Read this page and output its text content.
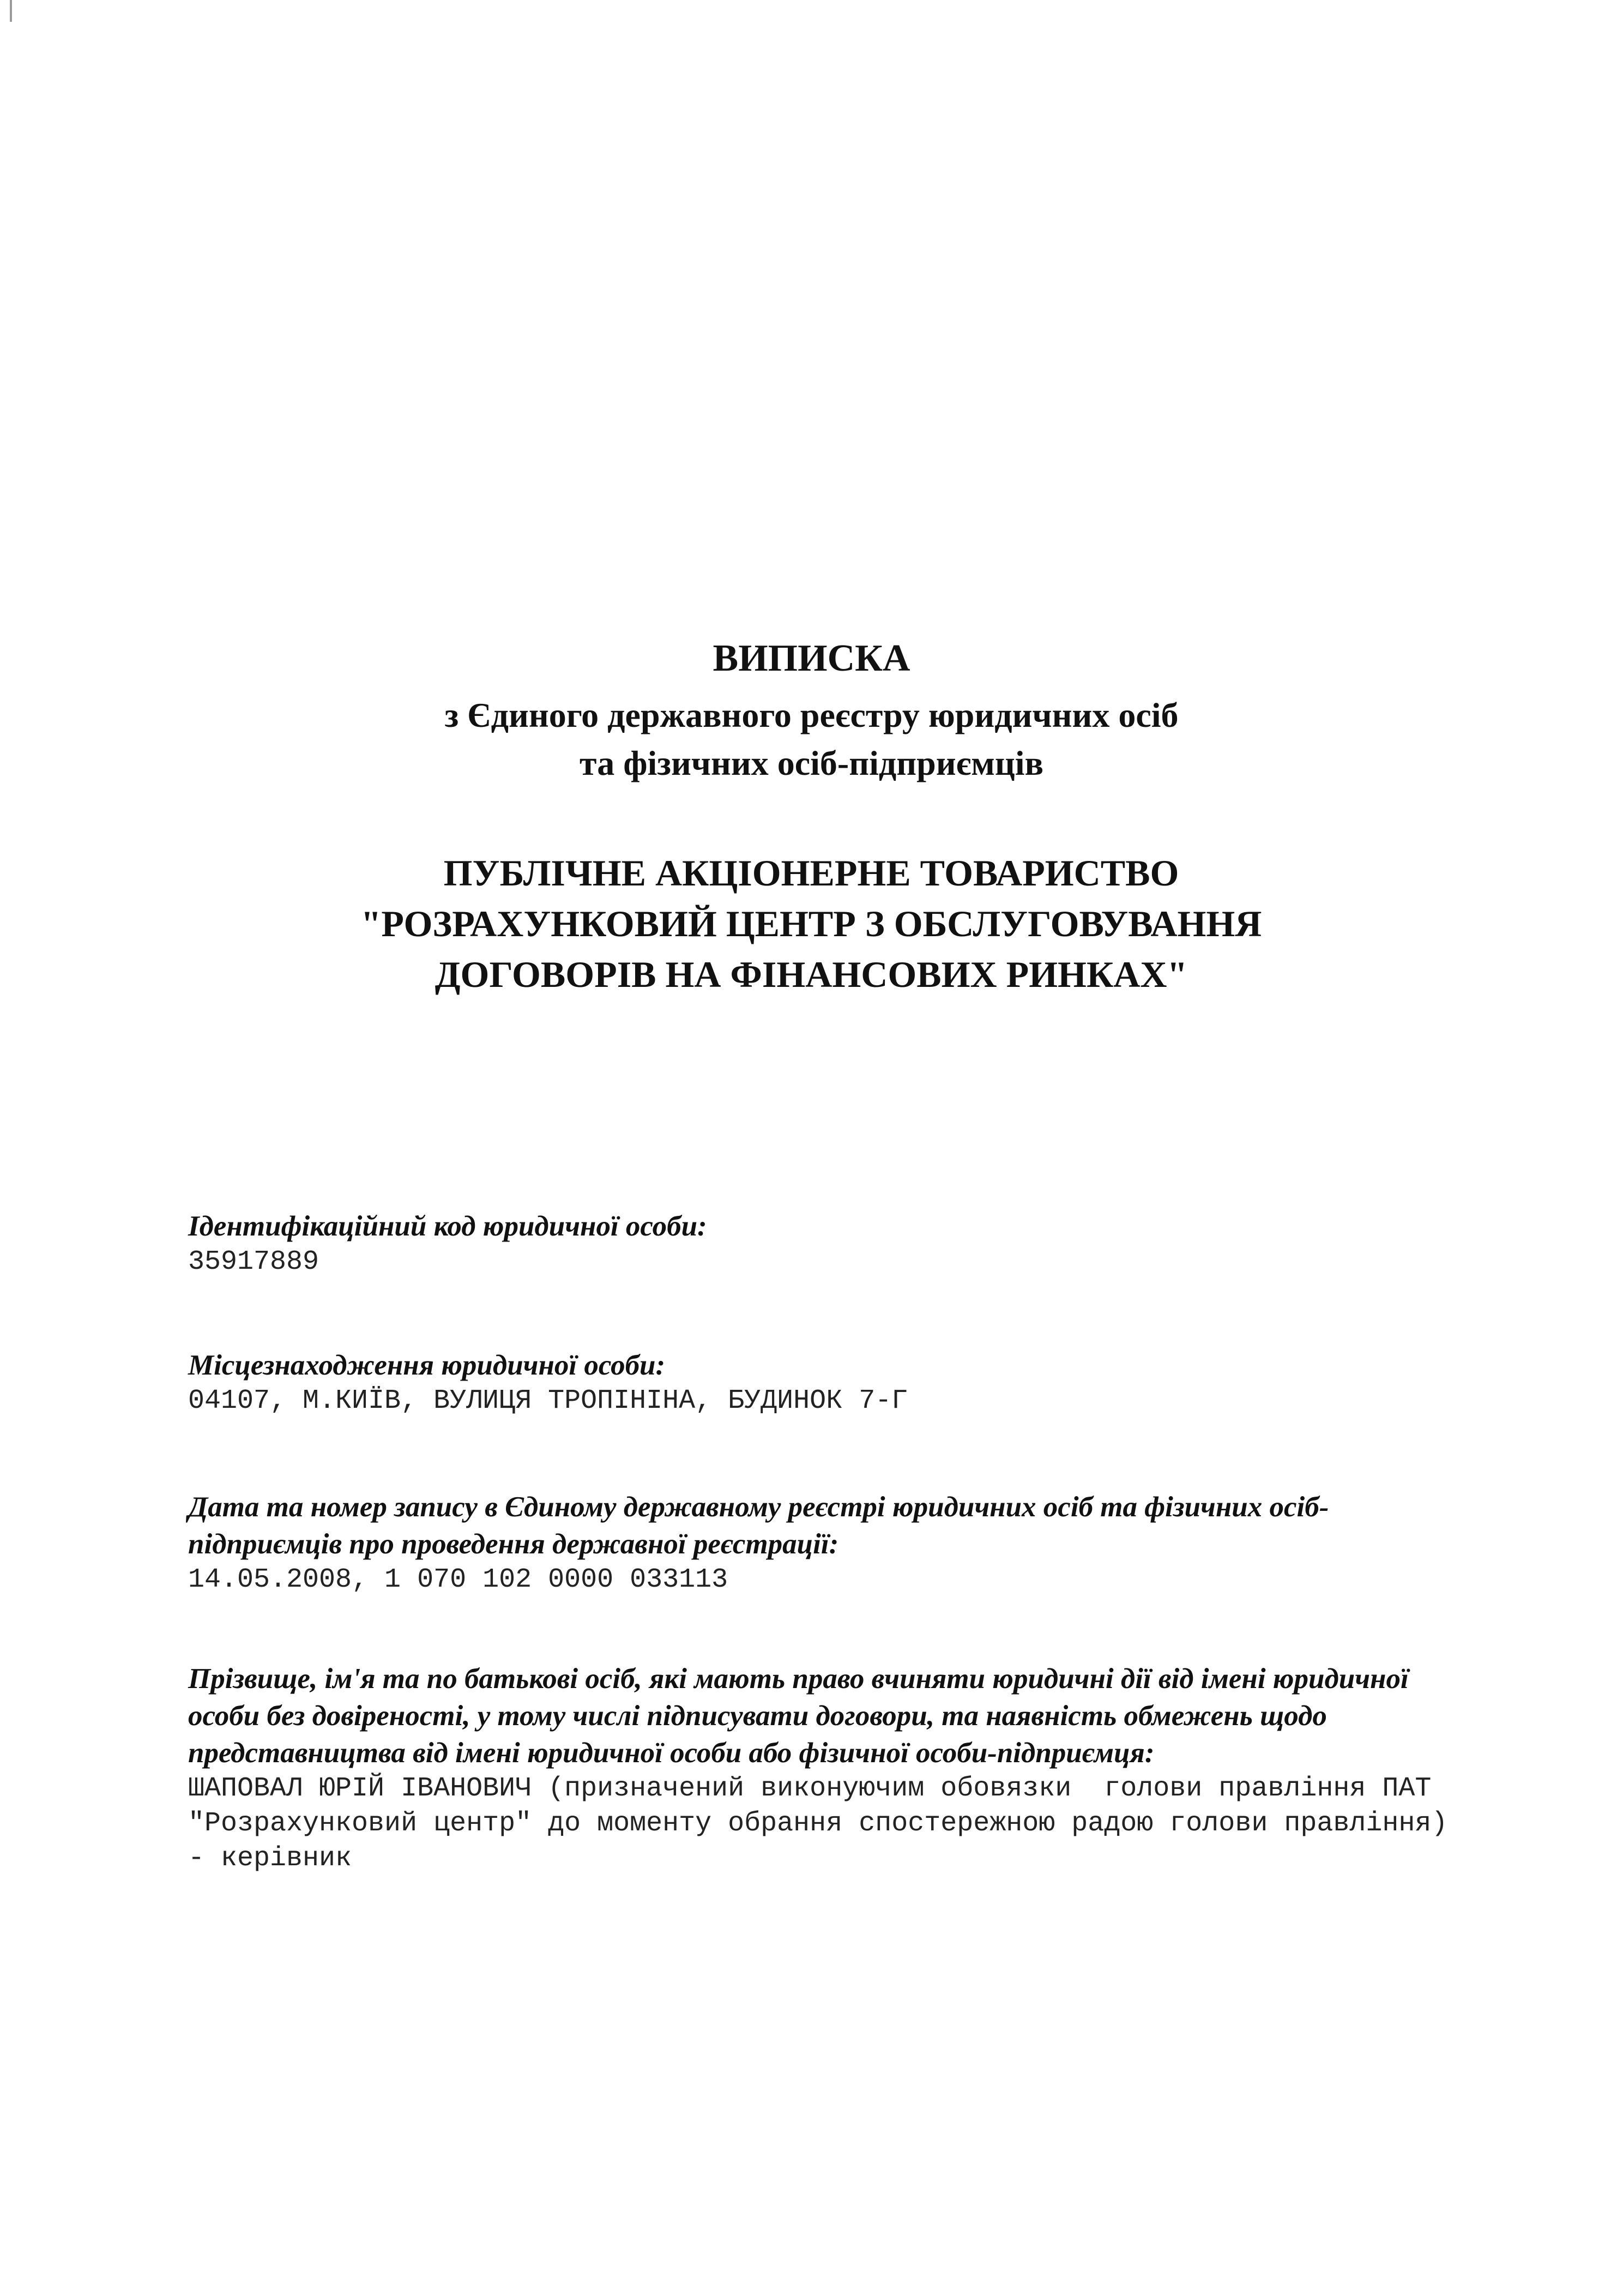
ВИПИСКА
з Єдиного державного реєстру юридичних осіб
та фізичних осіб-підприємців
ПУБЛІЧНЕ АКЦІОНЕРНЕ ТОВАРИСТВО "РОЗРАХУНКОВИЙ ЦЕНТР З ОБСЛУГОВУВАННЯ ДОГОВОРІВ НА ФІНАНСОВИХ РИНКАХ"

Ідентифікаційний код юридичної особи:

35917889

Місцезнаходження юридичної особи:

04107, М.КИЇВ, ВУЛИЦЯ ТРОПІНІНА, БУДИНОК 7-Г

Дата та номер запису в Єдиному державному реєстрі юридичних осіб та фізичних осіб-підприємців про проведення державної реєстрації:

14.05.2008, 1 070 102 0000 033113

Прізвище, ім'я та по батькові осіб, які мають право вчиняти юридичні дії від імені юридичної особи без довіреності, у тому числі підписувати договори, та наявність обмежень щодо представництва від імені юридичної особи або фізичної особи-підприємця:

ШАПОВАЛ ЮРІЙ ІВАНОВИЧ (призначений виконуючим обовязки  голови правління ПАТ "Розрахунковий центр" до моменту обрання спостережною радою голови правління) - керівник
